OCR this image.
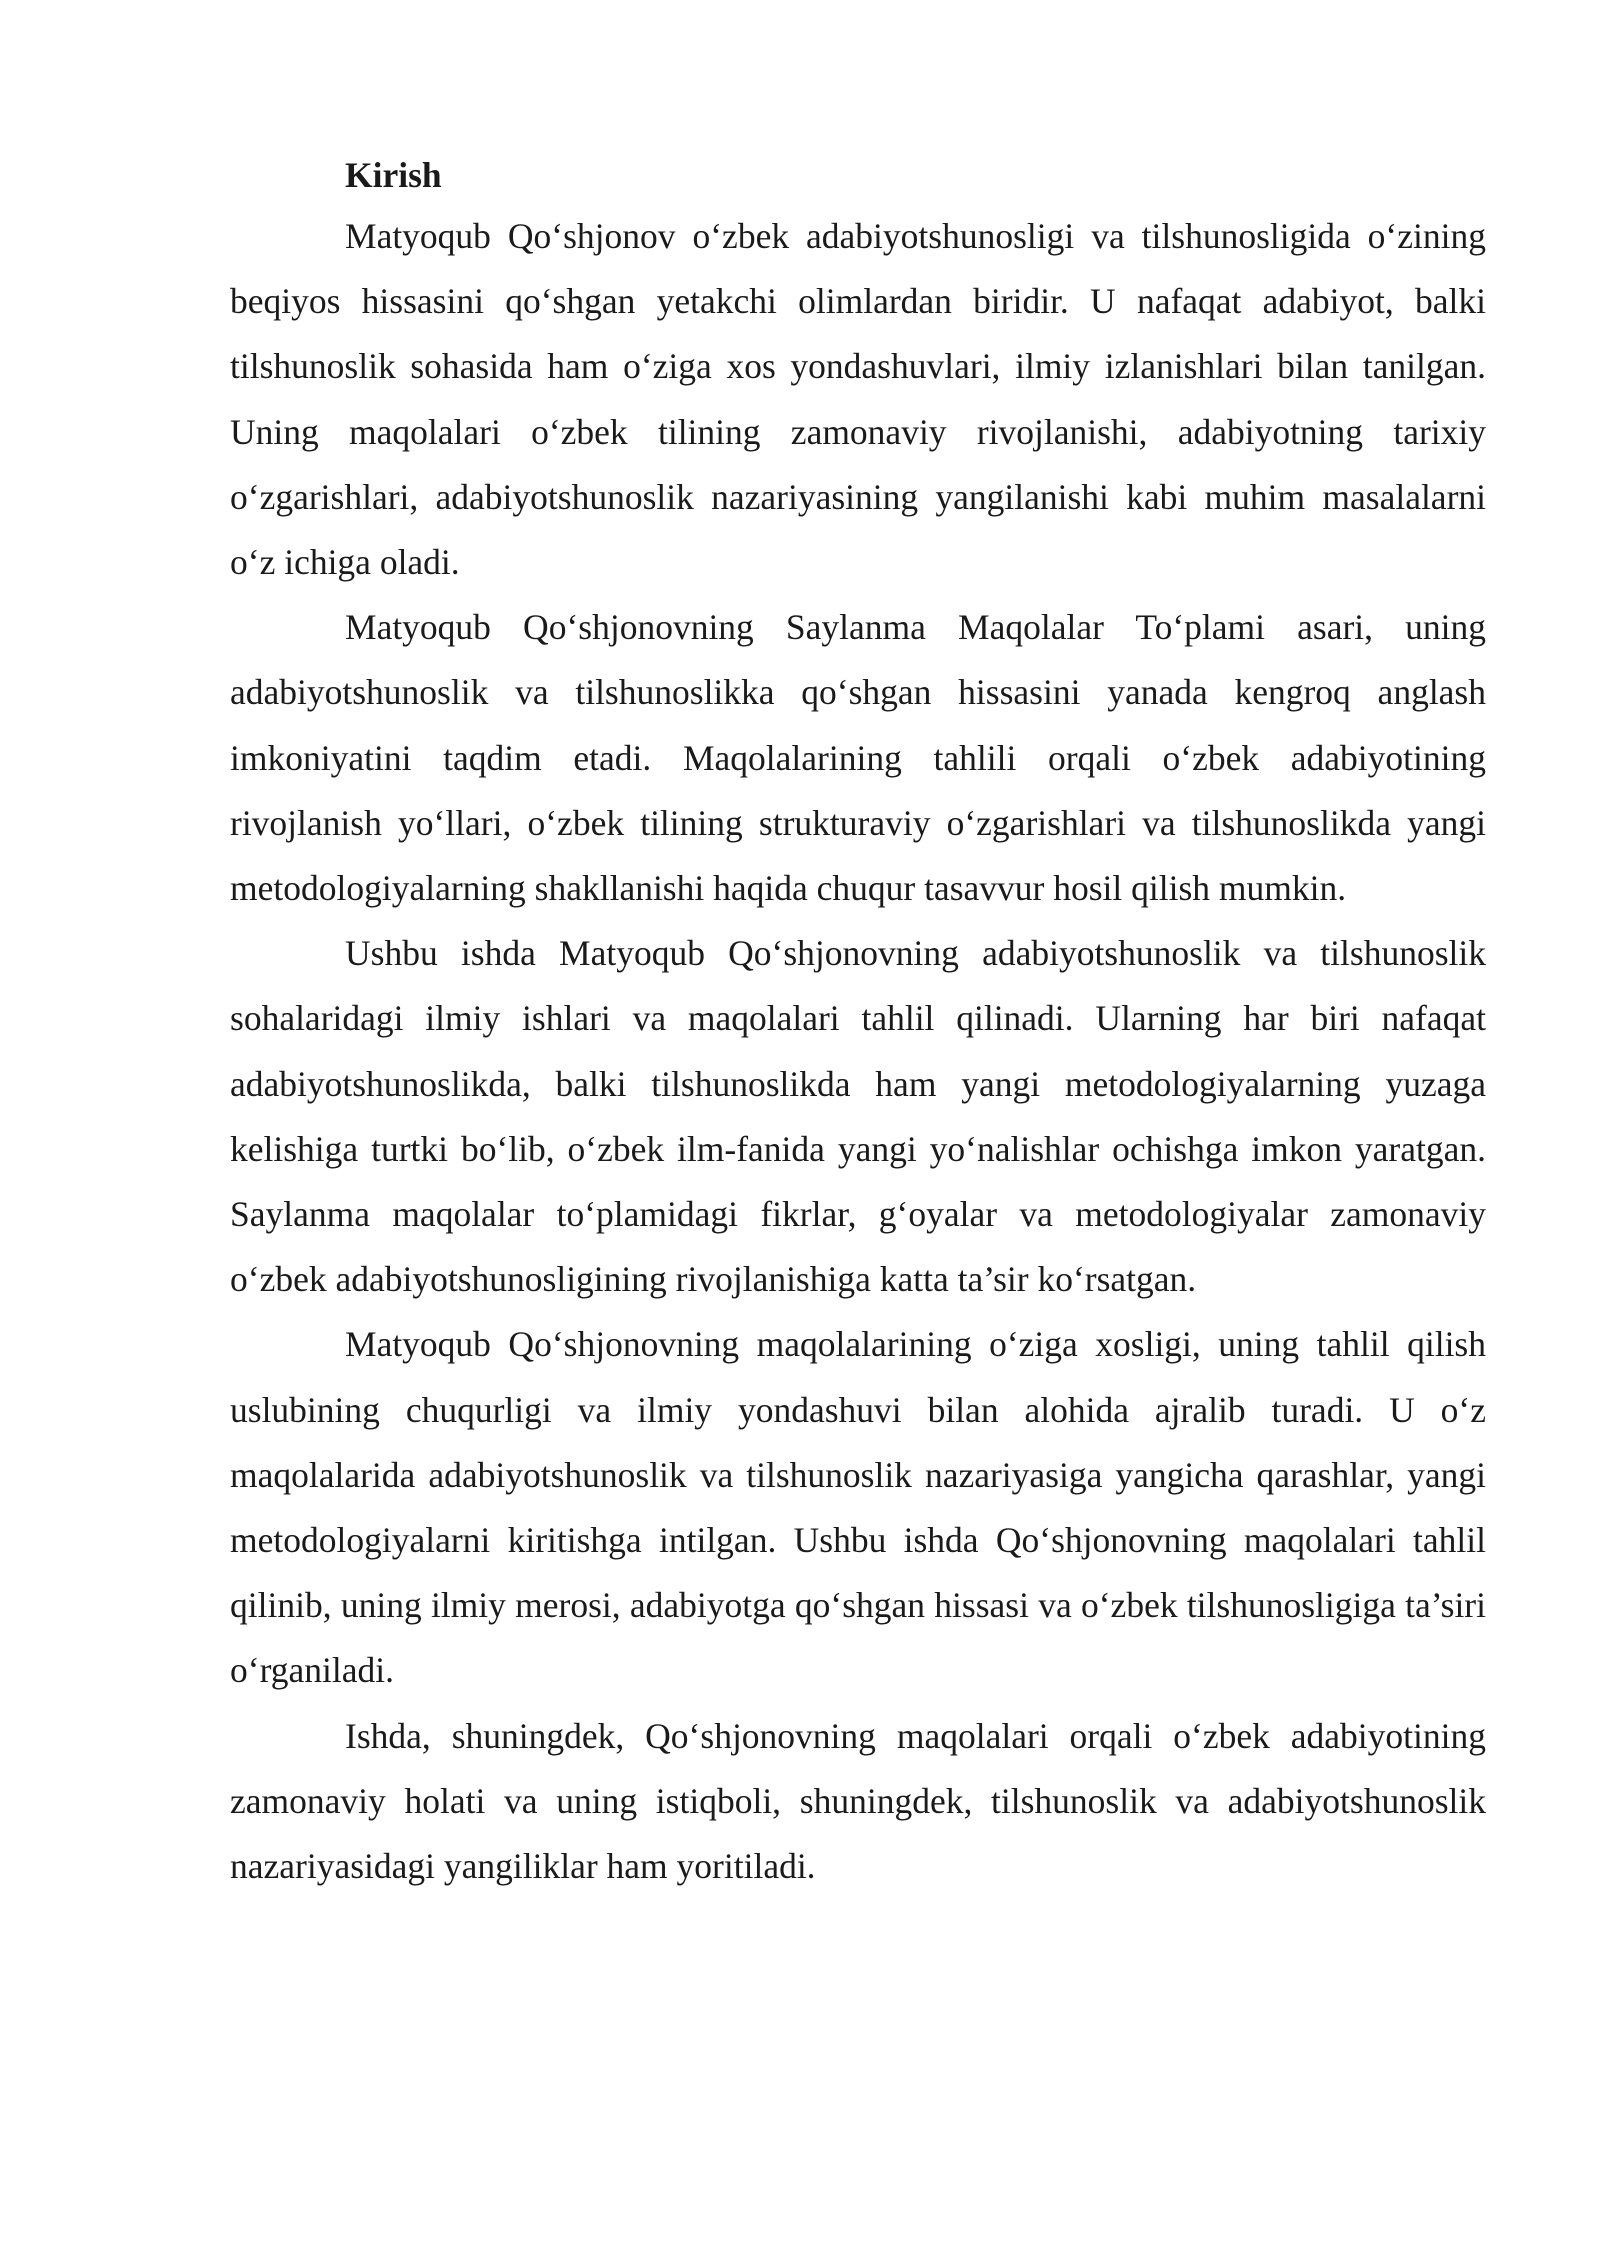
Kirish

Matyoqub Qo‘shjonov o‘zbek adabiyotshunosligi va tilshunosligida o‘zining beqiyos hissasini qo‘shgan yetakchi olimlardan biridir. U nafaqat adabiyot, balki tilshunoslik sohasida ham o‘ziga xos yondashuvlari, ilmiy izlanishlari bilan tanilgan. Uning maqolalari o‘zbek tilining zamonaviy rivojlanishi, adabiyotning tarixiy o‘zgarishlari, adabiyotshunoslik nazariyasining yangilanishi kabi muhim masalalarni o‘z ichiga oladi.

Matyoqub Qo‘shjonovning Saylanma Maqolalar To‘plami asari, uning adabiyotshunoslik va tilshunoslikka qo‘shgan hissasini yanada kengroq anglash imkoniyatini taqdim etadi. Maqolalarining tahlili orqali o‘zbek adabiyotining rivojlanish yo‘llari, o‘zbek tilining strukturaviy o‘zgarishlari va tilshunoslikda yangi metodologiyalarning shakllanishi haqida chuqur tasavvur hosil qilish mumkin.

Ushbu ishda Matyoqub Qo‘shjonovning adabiyotshunoslik va tilshunoslik sohalaridagi ilmiy ishlari va maqolalari tahlil qilinadi. Ularning har biri nafaqat adabiyotshunoslikda, balki tilshunoslikda ham yangi metodologiyalarning yuzaga kelishiga turtki bo‘lib, o‘zbek ilm-fanida yangi yo‘nalishlar ochishga imkon yaratgan. Saylanma maqolalar to‘plamidagi fikrlar, g‘oyalar va metodologiyalar zamonaviy o‘zbek adabiyotshunosligining rivojlanishiga katta ta’sir ko‘rsatgan.

Matyoqub Qo‘shjonovning maqolalarining o‘ziga xosligi, uning tahlil qilish uslubining chuqurligi va ilmiy yondashuvi bilan alohida ajralib turadi. U o‘z maqolalarida adabiyotshunoslik va tilshunoslik nazariyasiga yangicha qarashlar, yangi metodologiyalarni kiritishga intilgan. Ushbu ishda Qo‘shjonovning maqolalari tahlil qilinib, uning ilmiy merosi, adabiyotga qo‘shgan hissasi va o‘zbek tilshunosligiga ta’siri o‘rganiladi.

Ishda, shuningdek, Qo‘shjonovning maqolalari orqali o‘zbek adabiyotining zamonaviy holati va uning istiqboli, shuningdek, tilshunoslik va adabiyotshunoslik nazariyasidagi yangiliklar ham yoritiladi.
